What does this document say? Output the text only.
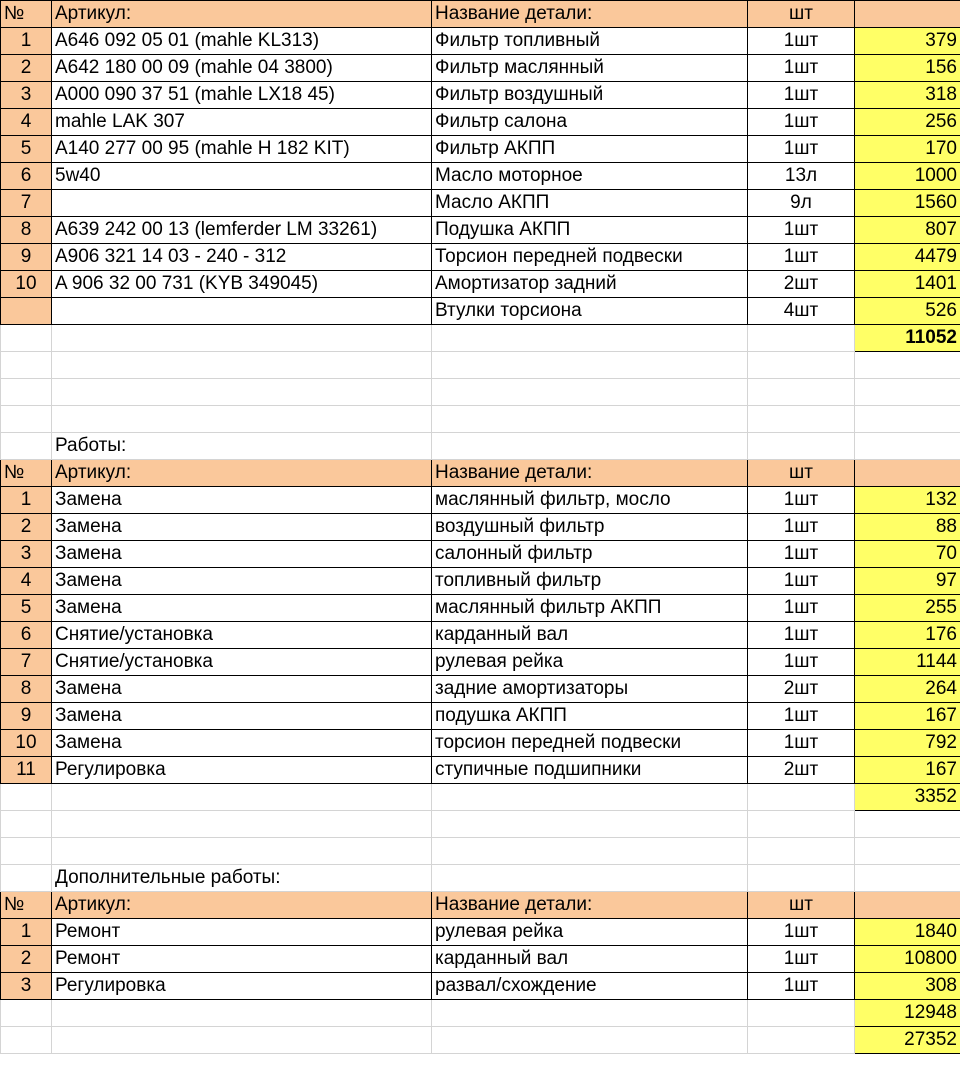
№	Артикул:	Название детали:	шт	
1	A646 092 05 01 (mahle KL313)	Фильтр топливный	1шт	379
2	A642 180 00 09 (mahle 04 3800)	Фильтр маслянный	1шт	156
3	A000 090 37 51 (mahle LX18 45)	Фильтр воздушный	1шт	318
4	mahle LAK 307	Фильтр салона	1шт	256
5	A140 277 00 95 (mahle H 182 KIT)	Фильтр АКПП	1шт	170
6	5w40	Масло моторное	13л	1000
7		Масло АКПП	9л	1560
8	A639 242 00 13 (lemferder LM 33261)	Подушка АКПП	1шт	807
9	A906 321 14 03 - 240 - 312	Торсион передней подвески	1шт	4479
10	A 906 32 00 731 (KYB 349045)	Амортизатор задний	2шт	1401
		Втулки торсиона	4шт	526
				11052

	Работы:			
№	Артикул:	Название детали:	шт	
1	Замена	маслянный фильтр, мосло	1шт	132
2	Замена	воздушный фильтр	1шт	88
3	Замена	салонный фильтр	1шт	70
4	Замена	топливный фильтр	1шт	97
5	Замена	маслянный фильтр АКПП	1шт	255
6	Снятие/установка	карданный вал	1шт	176
7	Снятие/установка	рулевая рейка	1шт	1144
8	Замена	задние амортизаторы	2шт	264
9	Замена	подушка АКПП	1шт	167
10	Замена	торсион передней подвески	1шт	792
11	Регулировка	ступичные подшипники	2шт	167
				3352

	Дополнительные работы:			
№	Артикул:	Название детали:	шт	
1	Ремонт	рулевая рейка	1шт	1840
2	Ремонт	карданный вал	1шт	10800
3	Регулировка	развал/схождение	1шт	308
				12948
				27352
